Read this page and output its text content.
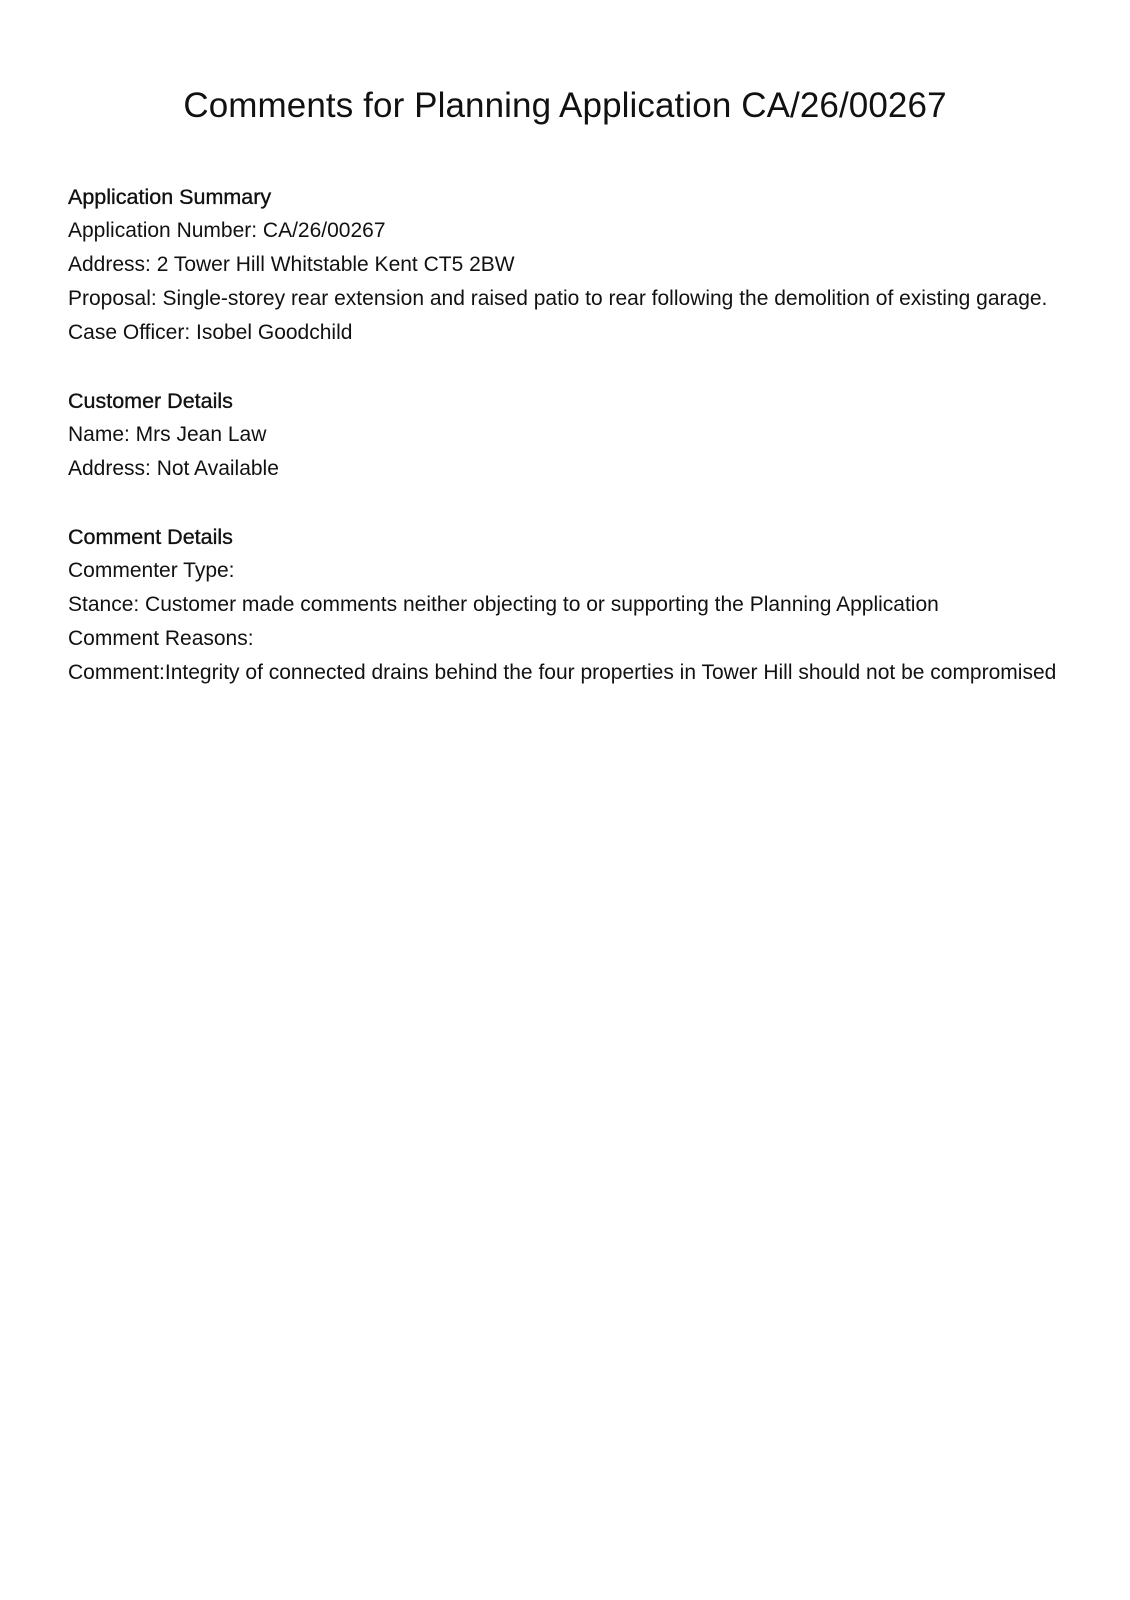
Comments for Planning Application CA/26/00267

Application Summary

Application Number: CA/26/00267

Address: 2 Tower Hill Whitstable Kent CT5 2BW

Proposal: Single-storey rear extension and raised patio to rear following the demolition of existing garage.

Case Officer: Isobel Goodchild

Customer Details

Name: Mrs Jean Law

Address: Not Available

Comment Details

Commenter Type:

Stance: Customer made comments neither objecting to or supporting the Planning Application

Comment Reasons:

Comment:Integrity of connected drains behind the four properties in Tower Hill should not be compromised
